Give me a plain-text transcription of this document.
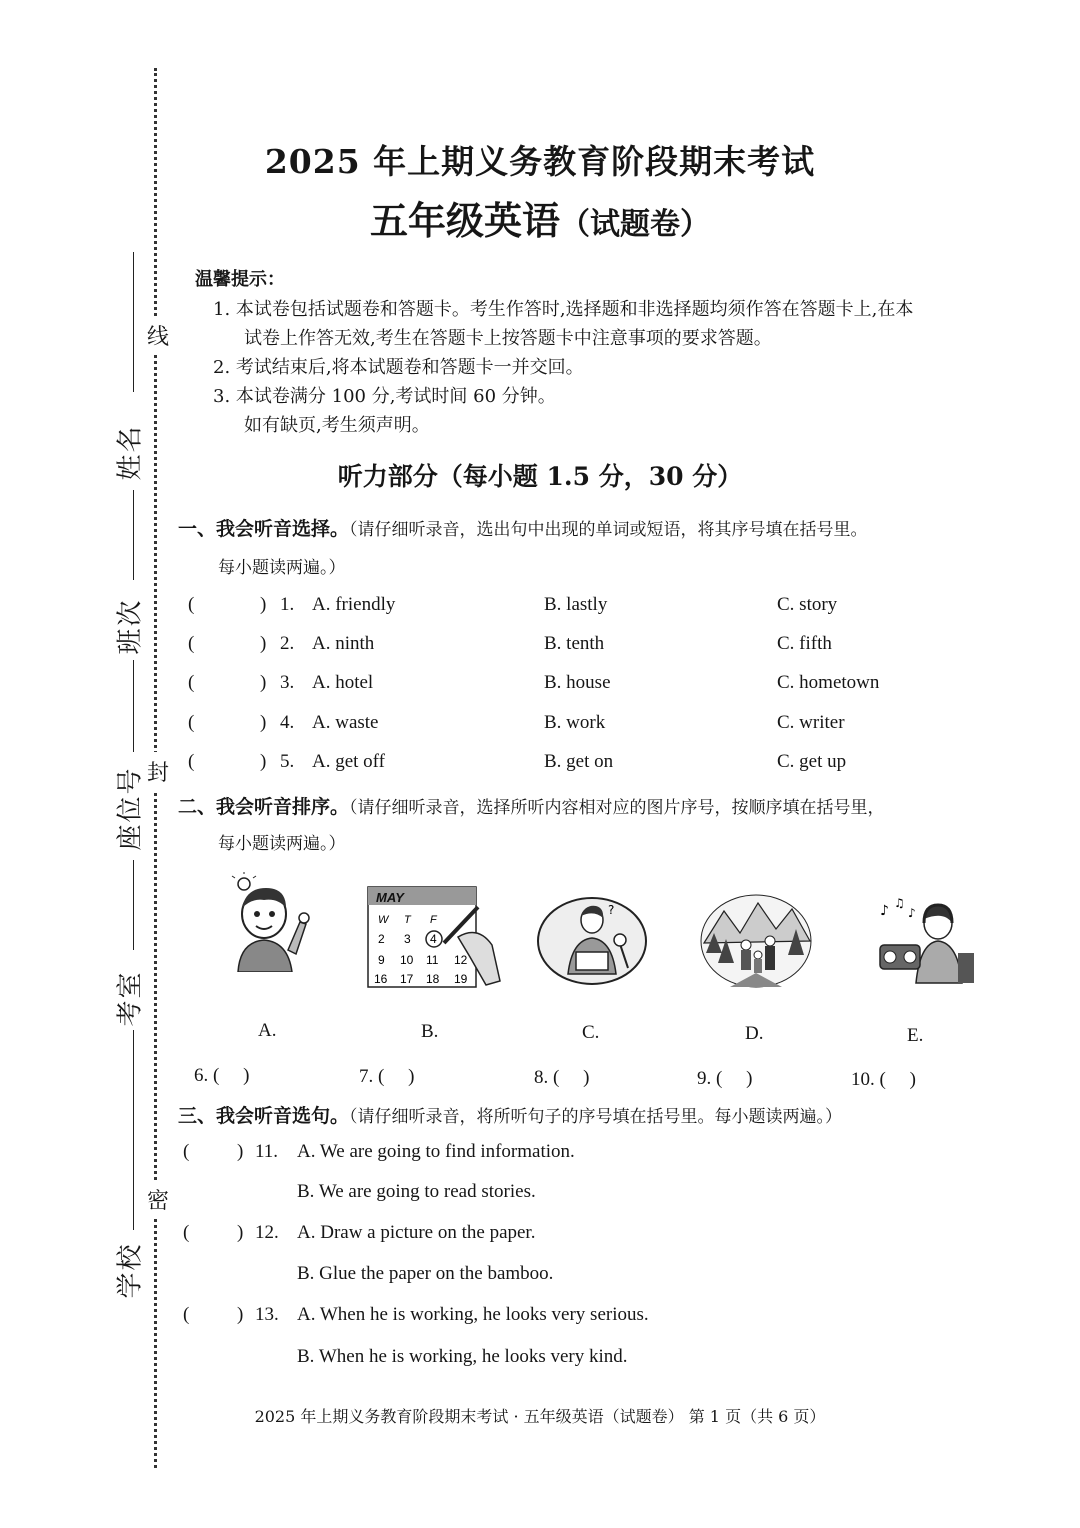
线
封
密
姓名
班次
座位号
考室
学校
2025 年上期义务教育阶段期末考试
五年级英语（试题卷）
温馨提示：
1. 本试卷包括试题卷和答题卡。考生作答时,选择题和非选择题均须作答在答题卡上,在本
试卷上作答无效,考生在答题卡上按答题卡中注意事项的要求答题。
2. 考试结束后,将本试题卷和答题卡一并交回。
3. 本试卷满分 100 分,考试时间 60 分钟。
如有缺页,考生须声明。
听力部分（每小题 1.5 分，30 分）
一、我会听音选择。（请仔细听录音，选出句中出现的单词或短语，将其序号填在括号里。
每小题读两遍。）
(	) 1. A. friendly	B. lastly	C. story
(	) 2. A. ninth	B. tenth	C. fifth
(	) 3. A. hotel	B. house	C. hometown
(	) 4. A. waste	B. work	C. writer
(	) 5. A. get off	B. get on	C. get up
二、我会听音排序。（请仔细听录音，选择所听内容相对应的图片序号，按顺序填在括号里，
每小题读两遍。）
MAY
W T F
2 3 4
9 10 11 12
16 17 18 19
?	♪ ♫
♪
A.	B.	C.	D.	E.
6. (　 )	7. (　 )	8. (　 )	9. (　 )	10. (　 )
三、我会听音选句。（请仔细听录音，将所听句子的序号填在括号里。每小题读两遍。）
(	) 11. A. We are going to find information.
B. We are going to read stories.
(	) 12. A. Draw a picture on the paper.
B. Glue the paper on the bamboo.
(	) 13. A. When he is working, he looks very serious.
B. When he is working, he looks very kind.
2025 年上期义务教育阶段期末考试 · 五年级英语（试题卷） 第 1 页（共 6 页）
